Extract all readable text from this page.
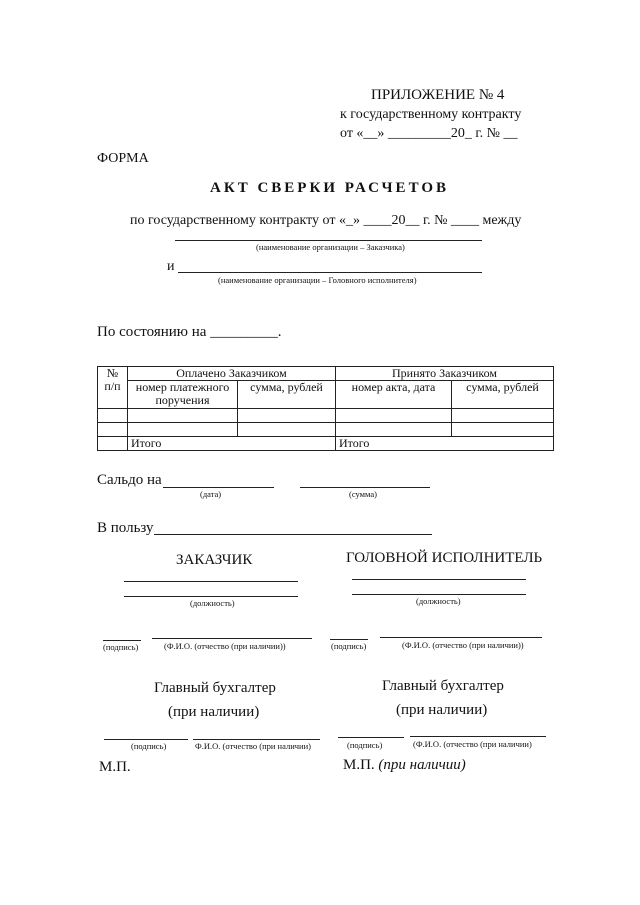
ПРИЛОЖЕНИЕ № 4
к государственному контракту
от «__» _________20_ г. № __
ФОРМА
АКТ СВЕРКИ РАСЧЕТОВ
по государственному контракту от «_» ____20__ г. № ____ между
(наименование организации – Заказчика)
и
(наименование организации – Головного исполнителя)
По состоянию на _________.
№ п/п	Оплачено Заказчиком		Принято Заказчиком	
	номер платежного поручения	сумма, рублей	номер акта, дата	сумма, рублей

	Итого		Итого	
Сальдо на
(дата)	(сумма)
В пользу
ЗАКАЗЧИК	ГОЛОВНОЙ ИСПОЛНИТЕЛЬ
(должность)	(должность)
(подпись)	(Ф.И.О. (отчество (при наличии))	(подпись)	(Ф.И.О. (отчество (при наличии))
Главный бухгалтер
(при наличии)
Главный бухгалтер
(при наличии)
(подпись)	Ф.И.О. (отчество (при наличии)	(подпись)	(Ф.И.О. (отчество (при наличии)
М.П.	М.П. (при наличии)
